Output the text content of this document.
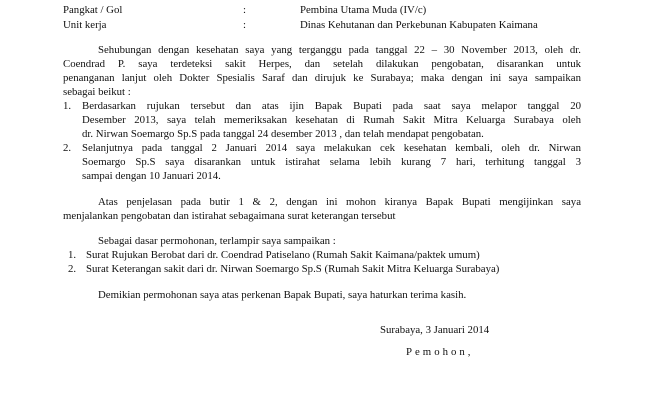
Pangkat / Gol	:	Pembina Utama Muda (IV/c)
Unit kerja	:	Dinas Kehutanan dan Perkebunan Kabupaten Kaimana
Sehubungan dengan kesehatan saya yang terganggu pada tanggal 22 – 30 November 2013, oleh dr.
Coendrad P. saya terdeteksi sakit Herpes, dan setelah dilakukan pengobatan, disarankan untuk
penanganan lanjut oleh Dokter Spesialis Saraf dan dirujuk ke Surabaya; maka dengan ini saya sampaikan
sebagai beikut :
1. Berdasarkan rujukan tersebut dan atas ijin Bapak Bupati pada saat saya melapor tanggal 20
Desember 2013, saya telah memeriksakan kesehatan di Rumah Sakit Mitra Keluarga Surabaya oleh
dr. Nirwan Soemargo Sp.S pada tanggal 24 desember 2013 , dan telah mendapat pengobatan.
2. Selanjutnya pada tanggal 2 Januari 2014 saya melakukan cek kesehatan kembali, oleh dr. Nirwan
Soemargo Sp.S saya disarankan untuk istirahat selama lebih kurang 7 hari, terhitung tanggal 3
sampai dengan 10 Januari 2014.
Atas penjelasan pada butir 1 & 2, dengan ini mohon kiranya Bapak Bupati mengijinkan saya
menjalankan pengobatan dan istirahat sebagaimana surat keterangan tersebut
Sebagai dasar permohonan, terlampir saya sampaikan :
1. Surat Rujukan Berobat dari dr. Coendrad Patiselano (Rumah Sakit Kaimana/paktek umum)
2. Surat Keterangan sakit dari dr. Nirwan Soemargo Sp.S (Rumah Sakit Mitra Keluarga Surabaya)
Demikian permohonan saya atas perkenan Bapak Bupati, saya haturkan terima kasih.
Surabaya, 3 Januari 2014
Pemohon,
